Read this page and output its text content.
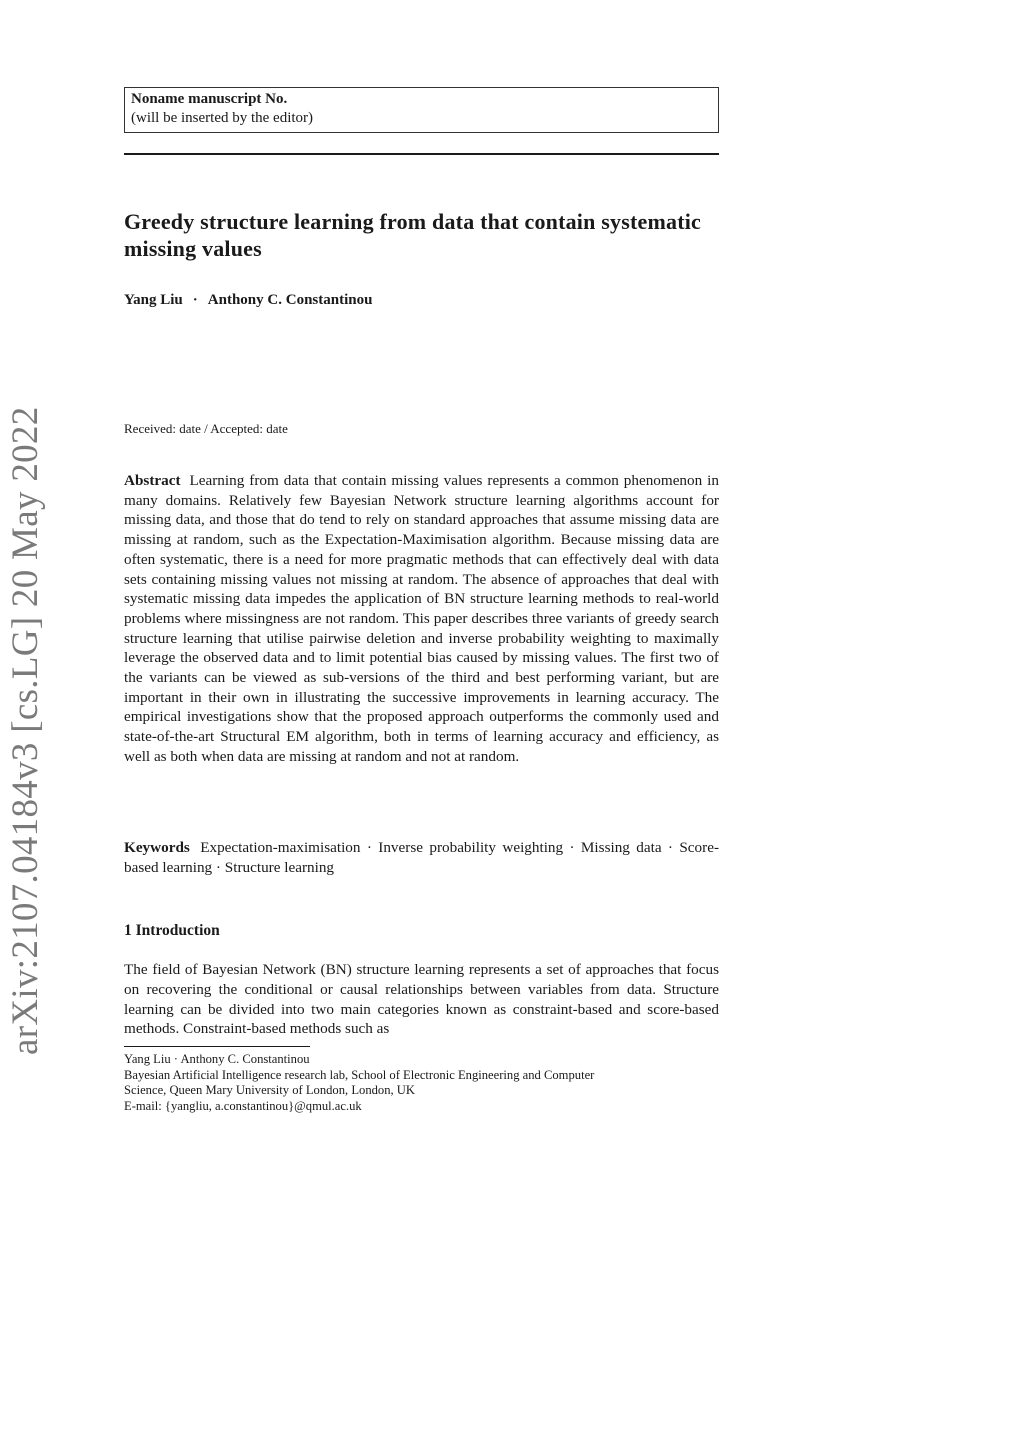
Noname manuscript No.
(will be inserted by the editor)
Greedy structure learning from data that contain systematic missing values
Yang Liu · Anthony C. Constantinou
Received: date / Accepted: date
Abstract Learning from data that contain missing values represents a common phenomenon in many domains. Relatively few Bayesian Network structure learning algorithms account for missing data, and those that do tend to rely on standard approaches that assume missing data are missing at random, such as the Expectation-Maximisation algorithm. Because missing data are often systematic, there is a need for more pragmatic methods that can effectively deal with data sets containing missing values not missing at random. The absence of approaches that deal with systematic missing data impedes the application of BN structure learning methods to real-world problems where missingness are not random. This paper describes three variants of greedy search structure learning that utilise pairwise deletion and inverse probability weighting to maximally leverage the observed data and to limit potential bias caused by missing values. The first two of the variants can be viewed as sub-versions of the third and best performing variant, but are important in their own in illustrating the successive improvements in learning accuracy. The empirical investigations show that the proposed approach outperforms the commonly used and state-of-the-art Structural EM algorithm, both in terms of learning accuracy and efficiency, as well as both when data are missing at random and not at random.
Keywords Expectation-maximisation · Inverse probability weighting · Missing data · Score-based learning · Structure learning
1 Introduction
The field of Bayesian Network (BN) structure learning represents a set of approaches that focus on recovering the conditional or causal relationships between variables from data. Structure learning can be divided into two main categories known as constraint-based and score-based methods. Constraint-based methods such as
Yang Liu · Anthony C. Constantinou
Bayesian Artificial Intelligence research lab, School of Electronic Engineering and Computer
Science, Queen Mary University of London, London, UK
E-mail: {yangliu, a.constantinou}@qmul.ac.uk
arXiv:2107.04184v3 [cs.LG] 20 May 2022
